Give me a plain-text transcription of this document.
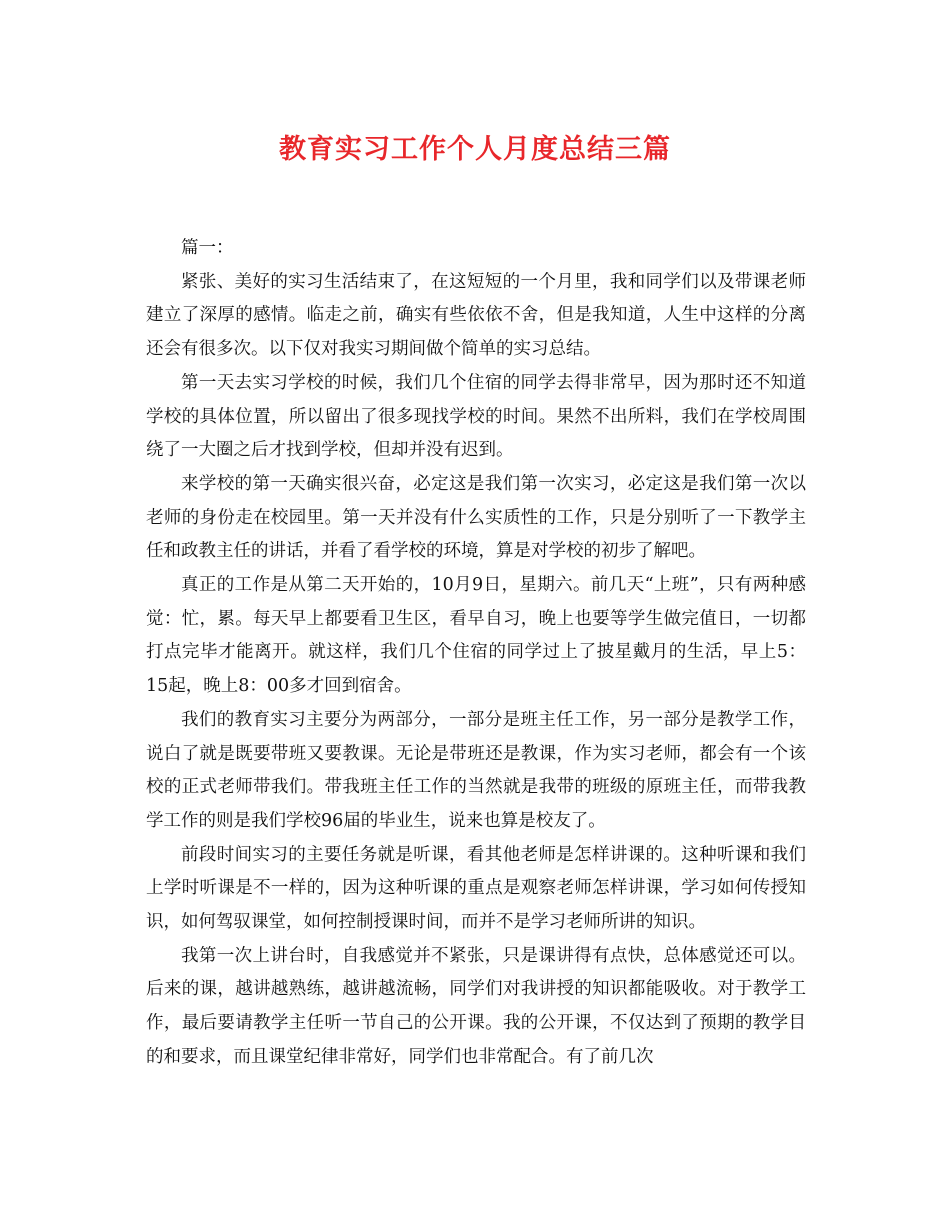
教育实习工作个人月度总结三篇

篇一：

紧张、美好的实习生活结束了，在这短短的一个月里，我和同学们以及带课老师建立了深厚的感情。临走之前，确实有些依依不舍，但是我知道，人生中这样的分离还会有很多次。以下仅对我实习期间做个简单的实习总结。

第一天去实习学校的时候，我们几个住宿的同学去得非常早，因为那时还不知道学校的具体位置，所以留出了很多现找学校的时间。果然不出所料，我们在学校周围绕了一大圈之后才找到学校，但却并没有迟到。

来学校的第一天确实很兴奋，必定这是我们第一次实习，必定这是我们第一次以老师的身份走在校园里。第一天并没有什么实质性的工作，只是分别听了一下教学主任和政教主任的讲话，并看了看学校的环境，算是对学校的初步了解吧。

真正的工作是从第二天开始的，10月9日，星期六。前几天“上班”，只有两种感觉：忙，累。每天早上都要看卫生区，看早自习，晚上也要等学生做完值日，一切都打点完毕才能离开。就这样，我们几个住宿的同学过上了披星戴月的生活，早上5：15起，晚上8：00多才回到宿舍。

我们的教育实习主要分为两部分，一部分是班主任工作，另一部分是教学工作，说白了就是既要带班又要教课。无论是带班还是教课，作为实习老师，都会有一个该校的正式老师带我们。带我班主任工作的当然就是我带的班级的原班主任，而带我教学工作的则是我们学校96届的毕业生，说来也算是校友了。

前段时间实习的主要任务就是听课，看其他老师是怎样讲课的。这种听课和我们上学时听课是不一样的，因为这种听课的重点是观察老师怎样讲课，学习如何传授知识，如何驾驭课堂，如何控制授课时间，而并不是学习老师所讲的知识。

我第一次上讲台时，自我感觉并不紧张，只是课讲得有点快，总体感觉还可以。后来的课，越讲越熟练，越讲越流畅，同学们对我讲授的知识都能吸收。对于教学工作，最后要请教学主任听一节自己的公开课。我的公开课，不仅达到了预期的教学目的和要求，而且课堂纪律非常好，同学们也非常配合。有了前几次
